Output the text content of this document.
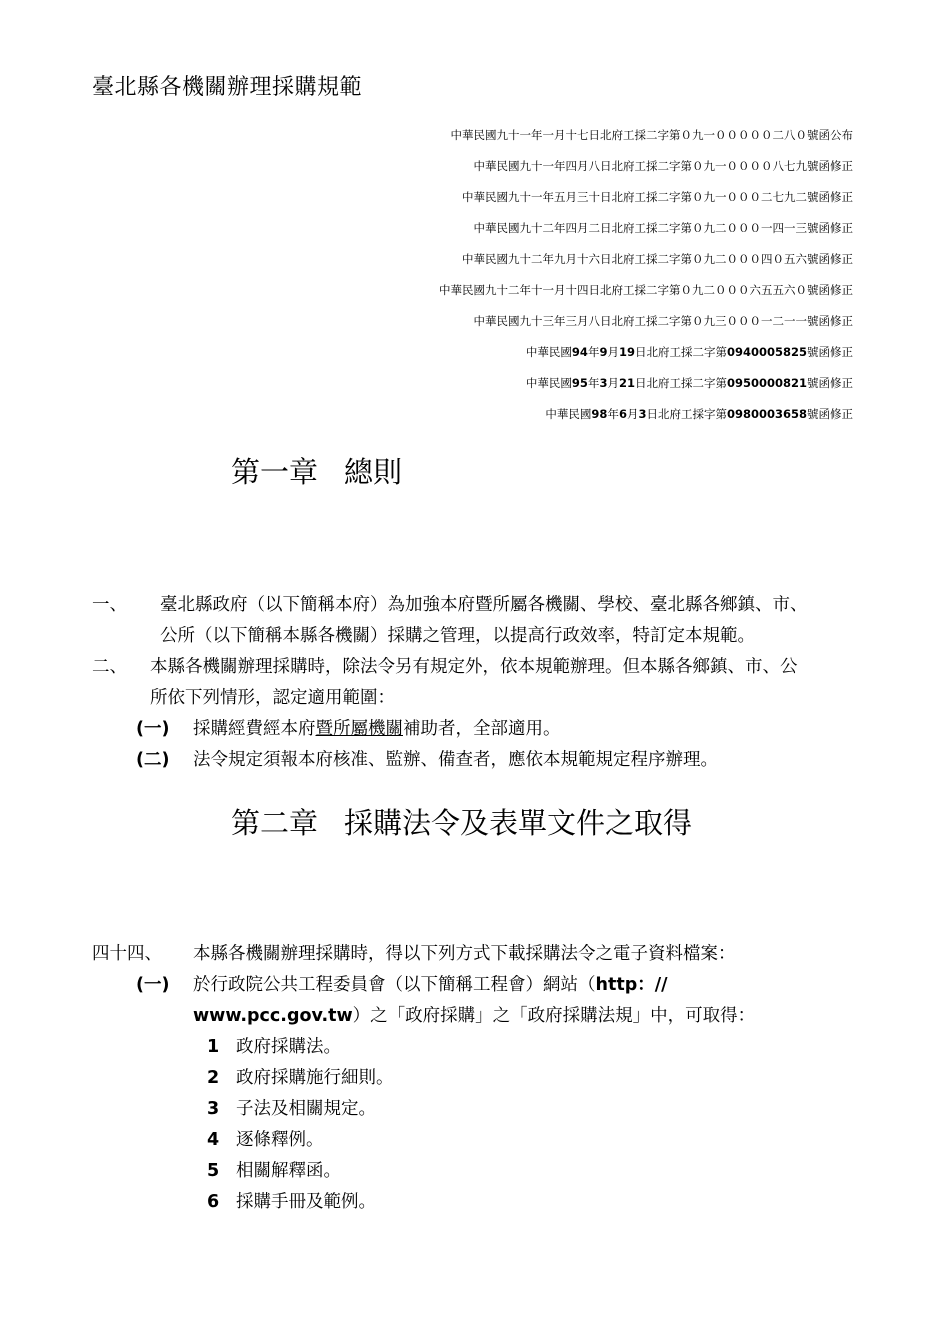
臺北縣各機關辦理採購規範
中華民國九十一年一月十七日北府工採二字第０九一０００００二八０號函公布
中華民國九十一年四月八日北府工採二字第０九一００００八七九號函修正
中華民國九十一年五月三十日北府工採二字第０九一０００二七九二號函修正
中華民國九十二年四月二日北府工採二字第０九二０００一四一三號函修正
中華民國九十二年九月十六日北府工採二字第０九二０００四０五六號函修正
中華民國九十二年十一月十四日北府工採二字第０九二０００六五五六０號函修正
中華民國九十三年三月八日北府工採二字第０九三０００一二一一號函修正
中華民國94年9月19日北府工採二字第0940005825號函修正
中華民國95年3月21日北府工採二字第0950000821號函修正
中華民國98年6月3日北府工採字第0980003658號函修正
第一章 總則
一、 臺北縣政府（以下簡稱本府）為加強本府暨所屬各機關、學校、臺北縣各鄉鎮、市、
公所（以下簡稱本縣各機關）採購之管理，以提高行政效率，特訂定本規範。
二、 本縣各機關辦理採購時，除法令另有規定外，依本規範辦理。但本縣各鄉鎮、市、公
所依下列情形，認定適用範圍：
(一) 採購經費經本府暨所屬機關補助者，全部適用。
(二) 法令規定須報本府核准、監辦、備查者，應依本規範規定程序辦理。
第二章 採購法令及表單文件之取得
四十四、 本縣各機關辦理採購時，得以下列方式下載採購法令之電子資料檔案：
(一) 於行政院公共工程委員會（以下簡稱工程會）網站（http：//
www.pcc.gov.tw）之「政府採購」之「政府採購法規」中，可取得：
1 政府採購法。
2 政府採購施行細則。
3 子法及相關規定。
4 逐條釋例。
5 相關解釋函。
6 採購手冊及範例。
